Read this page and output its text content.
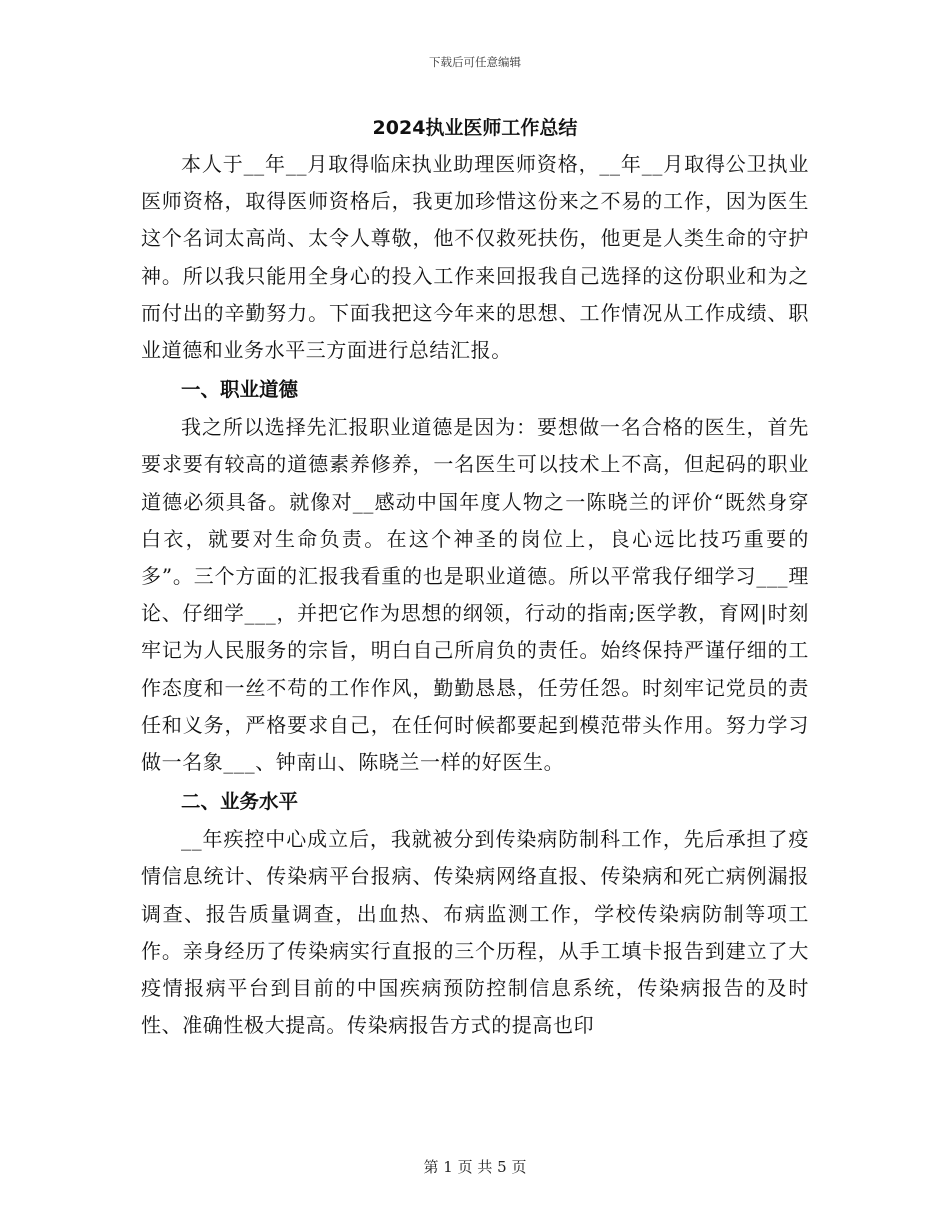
下载后可任意编辑
2024执业医师工作总结

本人于__年__月取得临床执业助理医师资格，__年__月取得公卫执业医师资格，取得医师资格后，我更加珍惜这份来之不易的工作，因为医生这个名词太高尚、太令人尊敬，他不仅救死扶伤，他更是人类生命的守护神。所以我只能用全身心的投入工作来回报我自己选择的这份职业和为之而付出的辛勤努力。下面我把这今年来的思想、工作情况从工作成绩、职业道德和业务水平三方面进行总结汇报。

一、职业道德

我之所以选择先汇报职业道德是因为：要想做一名合格的医生，首先要求要有较高的道德素养修养，一名医生可以技术上不高，但起码的职业道德必须具备。就像对__感动中国年度人物之一陈晓兰的评价“既然身穿白衣，就要对生命负责。在这个神圣的岗位上，良心远比技巧重要的多”。三个方面的汇报我看重的也是职业道德。所以平常我仔细学习___理论、仔细学___，并把它作为思想的纲领，行动的指南;医学教，育网|时刻牢记为人民服务的宗旨，明白自己所肩负的责任。始终保持严谨仔细的工作态度和一丝不苟的工作作风，勤勤恳恳，任劳任怨。时刻牢记党员的责任和义务，严格要求自己，在任何时候都要起到模范带头作用。努力学习做一名象___、钟南山、陈晓兰一样的好医生。

二、业务水平

__年疾控中心成立后，我就被分到传染病防制科工作，先后承担了疫情信息统计、传染病平台报病、传染病网络直报、传染病和死亡病例漏报调查、报告质量调查，出血热、布病监测工作，学校传染病防制等项工作。亲身经历了传染病实行直报的三个历程，从手工填卡报告到建立了大疫情报病平台到目前的中国疾病预防控制信息系统，传染病报告的及时性、准确性极大提高。传染病报告方式的提高也印

第 1 页 共 5 页
